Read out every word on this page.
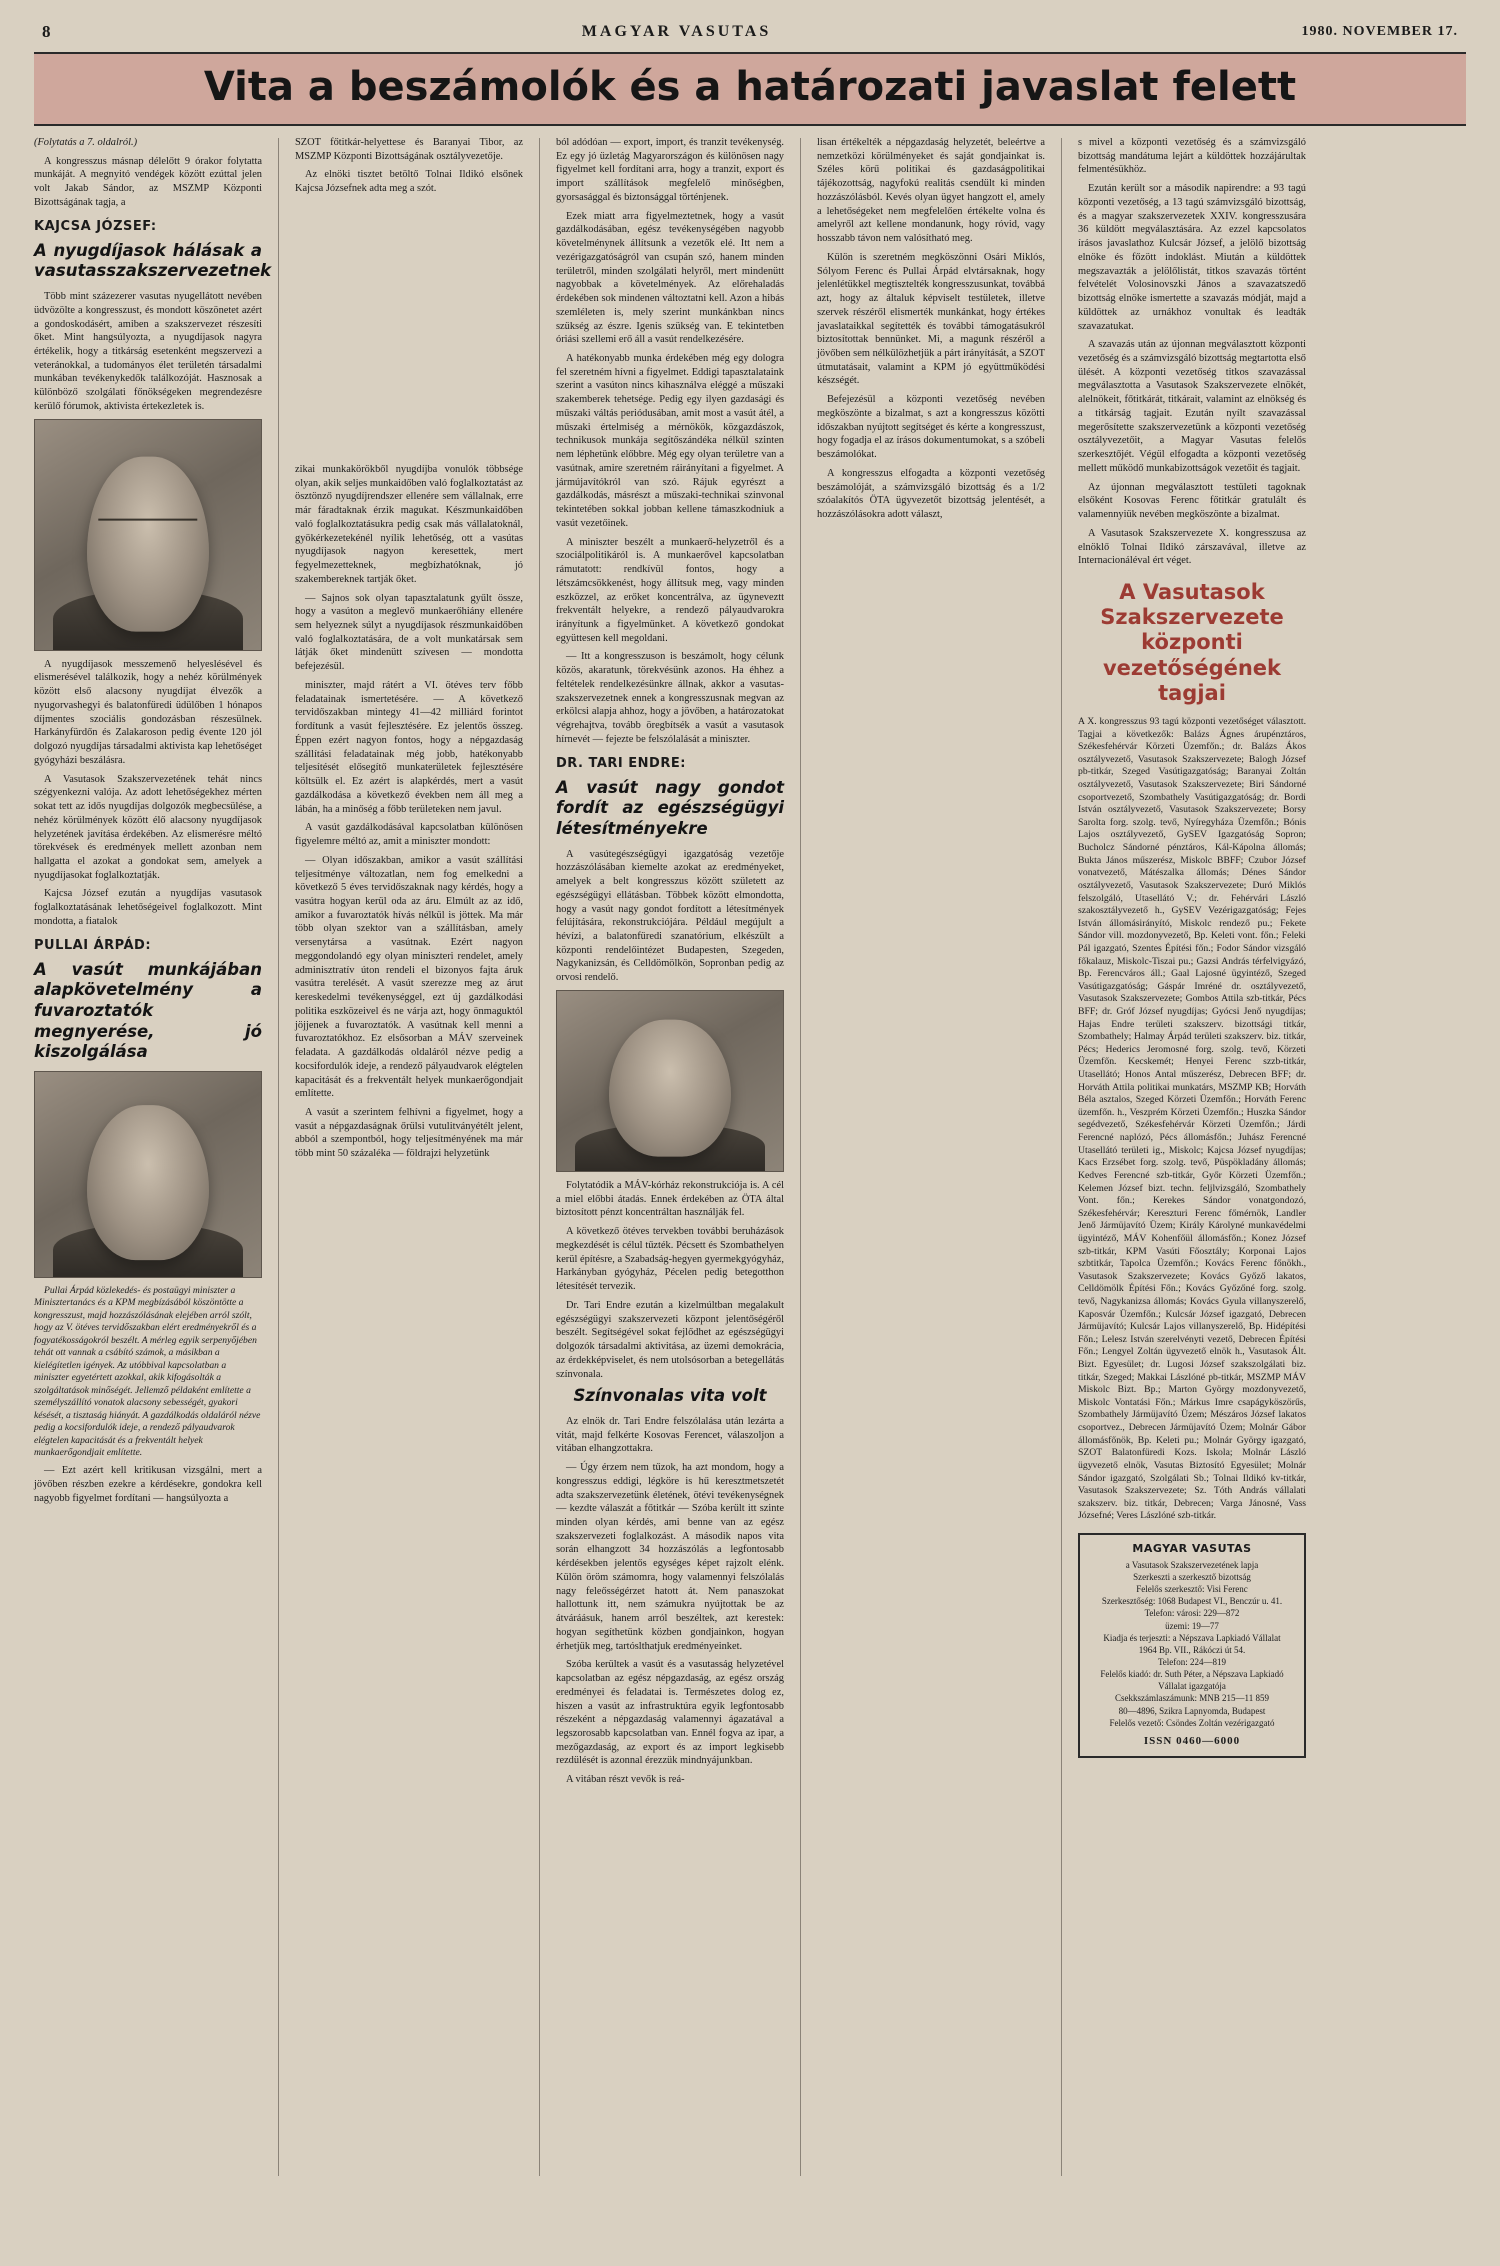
8	MAGYAR VASUTAS	1980. NOVEMBER 17.
Vita a beszámolók és a határozati javaslat felett

(Folytatás a 7. oldalról.)

A kongresszus másnap délelőtt 9 órakor folytatta munkáját. A megnyitó vendégek között ezúttal jelen volt Jakab Sándor, az MSZMP Központi Bizottságának tagja, a

KAJCSA JÓZSEF:
A nyugdíjasok hálásak a vasutasszakszervezetnek

Több mint százezerer vasutas nyugellátott nevében üdvözölte a kongresszust, és mondott köszönetet azért a gondoskodásért, amiben a szakszervezet részesíti őket. Mint hangsúlyozta, a nyugdíjasok nagyra értékelik, hogy a titkárság esetenként megszervezi a veteránokkal, a tudományos élet területén társadalmi munkában tevékenykedők találkozóját. Hasznosak a különböző szolgálati főnökségeken megrendezésre kerülő fórumok, aktivista értekezletek is.

A nyugdíjasok messzemenő helyeslésével és elismerésével találkozik, hogy a nehéz körülmények között első alacsony nyugdíjat élvezők a nyugorvashegyi és balatonfüredi üdülőben 1 hónapos díjmentes szociális gondozásban részesülnek. Harkányfürdőn és Zalakaroson pedig évente 120 jól dolgozó nyugdíjas társadalmi aktivista kap lehetőséget gyógyházi beszálásra.

A Vasutasok Szakszervezetének tehát nincs szégyenkezni valója. Az adott lehetőségekhez mérten sokat tett az idős nyugdíjas dolgozók megbecsülése, a nehéz körülmények között élő alacsony nyugdíjasok helyzetének javítása érdekében. Az elismerésre méltó törekvések és eredmények mellett azonban nem hallgatta el azokat a gondokat sem, amelyek a nyugdíjasokat foglalkoztatják.

Kajcsa József ezután a nyugdíjas vasutasok foglalkoztatásának lehetőségeivel foglalkozott. Mint mondotta, a fiatalok

PULLAI ÁRPÁD:
A vasút munkájában alapkövetelmény a fuvaroztatók megnyerése, jó kiszolgálása

Pullai Árpád közlekedés- és postaügyi miniszter a Minisztertanács és a KPM megbízásából köszöntötte a kongresszust, majd hozzászólásának elejében arról szólt, hogy az V. ötéves tervidőszakban elért eredményekről és a fogyatékosságokról beszélt. A mérleg egyik serpenyőjében tehát ott vannak a csábító számok, a másikban a kielégítetlen igények. Az utóbbival kapcsolatban a miniszter egyetértett azokkal, akik kifogásolták a szolgáltatások minőségét. Jellemző példaként említette a személyszállító vonatok alacsony sebességét, gyakori késését, a tisztaság hiányát. A gazdálkodás oldaláról nézve pedig a kocsifordulók ideje, a rendező pályaudvarok elégtelen kapacitását és a frekventált helyek munkaerőgondjait említette.

— Ezt azért kell kritikusan vizsgálni, mert a jövőben részben ezekre a kérdésekre, gondokra kell nagyobb figyelmet fordítani — hangsúlyozta a

SZOT főtitkár-helyettese és Baranyai Tibor, az MSZMP Központi Bizottságának osztályvezetője.

Az elnöki tisztet betöltő Tolnai Ildikó elsőnek Kajcsa Józsefnek adta meg a szót.

zikai munkakörökből nyugdíjba vonulók többsége olyan, akik seljes munkaidőben való foglalkoztatást az ösztönző nyugdíjrendszer ellenére sem vállalnak, erre már fáradtaknak érzik magukat. Készmunkaidőben való foglalkoztatásukra pedig csak más vállalatoknál, gyökérkezetekénél nyílik lehetőség, ott a vasútas nyugdíjasok nagyon keresettek, mert fegyelmezetteknek, megbízhatóknak, jó szakembereknek tartják őket.

— Sajnos sok olyan tapasztalatunk gyűlt össze, hogy a vasúton a meglevő munkaerőhiány ellenére sem helyeznek súlyt a nyugdíjasok részmunkaidőben való foglalkoztatására, de a volt munkatársak sem látják őket mindenütt szívesen — mondotta befejezésül.

miniszter, majd rátért a VI. ötéves terv főbb feladatainak ismertetésére. — A következő tervidőszakban mintegy 41—42 milliárd forintot fordítunk a vasút fejlesztésére. Ez jelentős összeg. Éppen ezért nagyon fontos, hogy a népgazdaság szállítási feladatainak még jobb, hatékonyabb teljesítését elősegítő munkaterületek fejlesztésére költsülk el. Ez azért is alapkérdés, mert a vasút gazdálkodása a következő években nem áll meg a lábán, ha a minőség a főbb területeken nem javul.

A vasút gazdálkodásával kapcsolatban különösen figyelemre méltó az, amit a miniszter mondott:

— Olyan időszakban, amikor a vasút szállítási teljesítménye változatlan, nem fog emelkedni a következő 5 éves tervidőszaknak nagy kérdés, hogy a vasútra hogyan kerül oda az áru. Elmúlt az az idő, amikor a fuvaroztatók hívás nélkül is jöttek. Ma már több olyan szektor van a szállításban, amely versenytársa a vasútnak. Ezért nagyon meggondolandó egy olyan miniszteri rendelet, amely adminisztratív úton rendeli el bizonyos fajta áruk vasútra terelését. A vasút szerezze meg az árut kereskedelmi tevékenységgel, ezt új gazdálkodási politika eszközeivel és ne várja azt, hogy önmaguktól jöjjenek a fuvaroztatók. A vasútnak kell menni a fuvaroztatókhoz. Ez elsősorban a MÁV szerveinek feladata. A gazdálkodás oldaláról nézve pedig a kocsifordulók ideje, a rendező pályaudvarok elégtelen kapacitását és a frekventált helyek munkaerőgondjait említette.

A vasút a szerintem felhívni a figyelmet, hogy a vasút a népgazdaságnak őrülsi vutulitványétélt jelent, abból a szempontból, hogy teljesítményének ma már több mint 50 százaléka — földrajzi helyzetünk

ból adódóan — export, import, és tranzit tevékenység. Ez egy jó üzletág Magyarországon és különösen nagy figyelmet kell fordítani arra, hogy a tranzit, export és import szállítások megfelelő minőségben, gyorsasággal és biztonsággal történjenek.

Ezek miatt arra figyelmeztetnek, hogy a vasút gazdálkodásában, egész tevékenységében nagyobb követelménynek állítsunk a vezetők elé. Itt nem a vezérigazgatóságról van csupán szó, hanem minden területről, minden szolgálati helyről, mert mindenütt nagyobbak a követelmények. Az előrehaladás érdekében sok mindenen változtatni kell. Azon a hibás szemléleten is, mely szerint munkánkban nincs szükség az észre. Igenis szükség van. E tekintetben óriási szellemi erő áll a vasút rendelkezésére.

A hatékonyabb munka érdekében még egy dologra fel szeretném hívni a figyelmet. Eddigi tapasztalataink szerint a vasúton nincs kihasználva eléggé a műszaki szakemberek tehetsége. Pedig egy ilyen gazdasági és műszaki váltás periódusában, amit most a vasút átél, a műszaki értelmiség a mérnökök, közgazdászok, technikusok munkája segítőszándéka nélkül szinten nem léphetünk előbbre. Még egy olyan területre van a vasútnak, amire szeretném ráirányítani a figyelmet. A jármújavítókról van szó. Rájuk egyrészt a gazdálkodás, másrészt a műszaki-technikai szinvonal tekintetében sokkal jobban kellene támaszkodniuk a vasút vezetőinek.

A miniszter beszélt a munkaerő-helyzetről és a szociálpolitikáról is. A munkaerővel kapcsolatban rámutatott: rendkívül fontos, hogy a létszámcsökkenést, hogy állítsuk meg, vagy minden eszközzel, az erőket koncentrálva, az ügyneveztt frekventált helyekre, a rendező pályaudvarokra irányítunk a figyelmünket. A következő gondokat együttesen kell megoldani.

— Itt a kongresszuson is beszámolt, hogy célunk közös, akaratunk, törekvésünk azonos. Ha éhhez a feltételek rendelkezésünkre állnak, akkor a vasutas-szakszervezetnek ennek a kongresszusnak megvan az erkölcsi alapja ahhoz, hogy a jövőben, a határozatokat végrehajtva, tovább öregbítsék a vasút a vasutasok hírnevét — fejezte be felszólalását a miniszter.

DR. TARI ENDRE:
A vasút nagy gondot fordít az egészségügyi létesítményekre

A vasútegészségügyi igazgatóság vezetője hozzászólásában kiemelte azokat az eredményeket, amelyek a belt kongresszus között született az egészségügyi ellátásban. Többek között elmondotta, hogy a vasút nagy gondot fordított a létesítmények felújítására, rekonstrukciójára. Például megújult a hévízi, a balatonfüredi szanatórium, elkészült a központi rendelőintézet Budapesten, Szegeden, Nagykanizsán, és Celldömölkön, Sopronban pedig az orvosi rendelő.

Folytatódik a MÁV-kórház rekonstrukciója is. A cél a miel előbbi átadás. Ennek érdekében az ÖTA által biztosított pénzt koncentráltan használják fel.

A következő ötéves tervekben további beruházások megkezdését is célul tűzték. Pécsett és Szombathelyen kerül építésre, a Szabadság-hegyen gyermekgyógyház, Harkányban gyógyház, Pécelen pedig betegotthon létesítését tervezik.

Dr. Tari Endre ezután a kizelmúltban megalakult egészségügyi szakszervezeti központ jelentőségéről beszélt. Segítségével sokat fejlődhet az egészségügyi dolgozók társadalmi aktivitása, az üzemi demokrácia, az érdekképviselet, és nem utolsósorban a betegellátás színvonala.

Színvonalas vita volt

Az elnök dr. Tari Endre felszólalása után lezárta a vitát, majd felkérte Kosovas Ferencet, válaszoljon a vitában elhangzottakra.

— Úgy érzem nem tűzok, ha azt mondom, hogy a kongresszus eddigi, légköre is hű keresztmetszetét adta szakszervezetünk életének, ötévi tevékenységnek — kezdte válaszát a főtitkár — Szóba került itt szinte minden olyan kérdés, ami benne van az egész szakszervezeti foglalkozást. A második napos vita során elhangzott 34 hozzászólás a legfontosabb kérdésekben jelentős egységes képet rajzolt elénk. Külön öröm számomra, hogy valamennyi felszólalás nagy feleősségérzet hatott át. Nem panaszokat hallottunk itt, nem számukra nyújtottak be az átváráásuk, hanem arról beszéltek, azt kerestek: hogyan segíthetünk közben gondjainkon, hogyan érhetjük meg, tartóslthatjuk eredményeinket.

Szóba kerültek a vasút és a vasutasság helyzetével kapcsolatban az egész népgazdaság, az egész ország eredményei és feladatai is. Természetes dolog ez, hiszen a vasút az infrastruktúra egyik legfontosabb részeként a népgazdaság valamennyi ágazatával a legszorosabb kapcsolatban van. Ennél fogva az ipar, a mezőgazdaság, az export és az import legkisebb rezdülését is azonnal érezzük mindnyájunkban.

A vitában részt vevők is reá-

lisan értékelték a népgazdaság helyzetét, beleértve a nemzetközi körülményeket és saját gondjainkat is. Széles körű politikai és gazdaságpolitikai tájékozottság, nagyfokú realitás csendült ki minden hozzászólásból. Kevés olyan ügyet hangzott el, amely a lehetőségeket nem megfelelően értékelte volna és amelyről azt kellene mondanunk, hogy róvid, vagy hosszabb távon nem valósítható meg.

Külön is szeretném megköszönni Osári Miklós, Sólyom Ferenc és Pullai Árpád elvtársaknak, hogy jelenlétükkel megtisztelték kongresszusunkat, továbbá azt, hogy az általuk képviselt testületek, illetve szervek részéről elismerték munkánkat, hogy értékes javaslataikkal segítették és további támogatásukról biztosítottak bennünket. Mi, a magunk részéről a jövőben sem nélkülözhetjük a párt irányítását, a SZOT útmutatásait, valamint a KPM jó együttműködési készségét.

Befejezésül a központi vezetőség nevében megköszönte a bizalmat, s azt a kongresszus közötti időszakban nyújtott segítséget és kérte a kongresszust, hogy fogadja el az írásos dokumentumokat, s a szóbeli beszámolókat.

A kongresszus elfogadta a központi vezetőség beszámolóját, a számvizsgáló bizottság és a 1/2 szóalakítós ÖTA ügyvezetőt bizottság jelentését, a hozzászólásokra adott választ,

s mivel a központi vezetőség és a számvizsgáló bizottság mandátuma lejárt a küldöttek hozzájárultak felmentésükhöz.

Ezután került sor a második napirendre: a 93 tagú központi vezetőség, a 13 tagú számvizsgáló bizottság, és a magyar szakszervezetek XXIV. kongresszusára 36 küldött megválasztására. Az ezzel kapcsolatos írásos javaslathoz Kulcsár József, a jelölő bizottság elnöke és főzött indoklást. Miután a küldöttek megszavazták a jelölőlistát, titkos szavazás történt felvételét Volosinovszki János a szavazatszedő bizottság elnöke ismertette a szavazás módját, majd a küldöttek az urnákhoz vonultak és leadták szavazatukat.

A szavazás után az újonnan megválasztott központi vezetőség és a számvizsgáló bizottság megtartotta első ülését. A központi vezetőség titkos szavazással megválasztotta a Vasutasok Szakszervezete elnökét, alelnökeit, főtitkárát, titkárait, valamint az elnökség és a titkárság tagjait. Ezután nyílt szavazással megerősítette szakszervezetünk a központi vezetőség osztályvezetőit, a Magyar Vasutas felelős szerkesztőjét. Végül elfogadta a központi vezetőség mellett működő munkabizottságok vezetőit és tagjait.

Az újonnan megválasztott testületi tagoknak elsőként Kosovas Ferenc főtitkár gratulált és valamennyiük nevében megköszönte a bizalmat.

A Vasutasok Szakszervezete X. kongresszusa az elnöklő Tolnai Ildikó zárszavával, illetve az Internacionáléval ért véget.

A Vasutasok Szakszervezete központi vezetőségének tagjai
A X. kongresszus 93 tagú központi vezetőséget választott. Tagjai a következők: Balázs Ágnes árupénztáros, Székesfehérvár Körzeti Üzemfőn.; dr. Balázs Ákos osztályvezető, Vasutasok Szakszervezete; Balogh József pb-titkár, Szeged Vasútigazgatóság; Baranyai Zoltán osztályvezető, Vasutasok Szakszervezete; Biri Sándorné csoportvezető, Szombathely Vasútigazgatóság; dr. Bordi István osztályvezető, Vasutasok Szakszervezete; Borsy Sarolta forg. szolg. tevő, Nyíregyháza Üzemfőn.; Bónis Lajos osztályvezető, GySEV Igazgatóság Sopron; Bucholcz Sándorné pénztáros, Kál-Kápolna állomás; Bukta János műszerész, Miskolc BBFF; Czubor József vonatvezető, Mátészalka állomás; Dénes Sándor osztályvezető, Vasutasok Szakszervezete; Duró Miklós felszolgáló, Utasellátó V.; dr. Fehérvári László szakosztályvezető h., GySEV Vezérigazgatóság; Fejes István állomásirányító, Miskolc rendező pu.; Fekete Sándor vill. mozdonyvezető, Bp. Keleti vont. főn.; Feleki Pál igazgató, Szentes Építési főn.; Fodor Sándor vizsgáló főkalauz, Miskolc-Tiszai pu.; Gazsi András térfelvigyázó, Bp. Ferencváros áll.; Gaal Lajosné ügyintéző, Szeged Vasútigazgatóság; Gáspár Imréné dr. osztályvezető, Vasutasok Szakszervezete; Gombos Attila szb-titkár, Pécs BFF; dr. Gróf József nyugdíjas; Gyócsi Jenő nyugdíjas; Hajas Endre területi szakszerv. bizottsági titkár, Szombathely; Halmay Árpád területi szakszerv. biz. titkár, Pécs; Hederics Jeromosné forg. szolg. tevő, Körzeti Üzemfőn. Kecskemét; Henyei Ferenc szzb-titkár, Utasellátó; Honos Antal műszerész, Debrecen BFF; dr. Horváth Attila politikai munkatárs, MSZMP KB; Horváth Béla asztalos, Szeged Körzeti Üzemfőn.; Horváth Ferenc üzemfőn. h., Veszprém Körzeti Üzemfőn.; Huszka Sándor segédvezető, Székesfehérvár Körzeti Üzemfőn.; Járdi Ferencné naplózó, Pécs állomásfőn.; Juhász Ferencné Utasellátó területi ig., Miskolc; Kajcsa József nyugdíjas; Kacs Erzsébet forg. szolg. tevő, Püspökladány állomás; Kedves Ferencné szb-titkár, Győr Körzeti Üzemfőn.; Kelemen József bizt. techn. feljlvizsgáló, Szombathely Vont. főn.; Kerekes Sándor vonatgondozó, Székesfehérvár; Kereszturi Ferenc főmérnök, Landler Jenő Jármüjavító Üzem; Király Károlyné munkavédelmi ügyintéző, MÁV Kohenfőül állomásfőn.; Konez József szb-titkár, KPM Vasúti Főosztály; Korponai Lajos szbtitkár, Tapolca Üzemfőn.; Kovács Ferenc főnökh., Vasutasok Szakszervezete; Kovács Győző lakatos, Celldömölk Építési Főn.; Kovács Győzőné forg. szolg. tevő, Nagykanizsa állomás; Kovács Gyula villanyszerelő, Kaposvár Üzemfőn.; Kulcsár József igazgató, Debrecen Jármüjavító; Kulcsár Lajos villanyszerelő, Bp. Hidépítési Főn.; Lelesz István szerelvényti vezető, Debrecen Építési Főn.; Lengyel Zoltán ügyvezető elnök h., Vasutasok Ált. Bizt. Egyesület; dr. Lugosi József szakszolgálati biz. titkár, Szeged; Makkai Lászlóné pb-titkár, MSZMP MÁV Miskolc Bizt. Bp.; Marton György mozdonyvezető, Miskolc Vontatási Főn.; Márkus Imre csapágyköszörűs, Szombathely Jármüjavító Üzem; Mészáros József lakatos csoportvez., Debrecen Jármüjavító Üzem; Molnár Gábor állomásfőnök, Bp. Keleti pu.; Molnár György igazgató, SZOT Balatonfüredi Kozs. Iskola; Molnár László ügyvezető elnök, Vasutas Biztosító Egyesület; Molnár Sándor igazgató, Szolgálati Sb.; Tolnai Ildikó kv-titkár, Vasutasok Szakszervezete; Sz. Tóth András vállalati szakszerv. biz. titkár, Debrecen; Varga Jánosné, Vass Józsefné; Veres Lászlóné szb-titkár.
MAGYAR VASUTAS
a Vasutasok Szakszervezetének lapja
Szerkeszti a szerkesztő bizottság
Felelős szerkesztő: Visi Ferenc
Szerkesztőség: 1068 Budapest VI., Benczúr u. 41.
Telefon: városi: 229—872
üzemi: 19—77
Kiadja és terjeszti: a Népszava Lapkiadó Vállalat
1964 Bp. VII., Rákóczi út 54.
Telefon: 224—819
Felelős kiadó: dr. Suth Péter, a Népszava Lapkiadó Vállalat igazgatója
Csekkszámlaszámunk: MNB 215—11 859
80—4896, Szikra Lapnyomda, Budapest
Felelős vezető: Csöndes Zoltán vezérigazgató
ISSN 0460—6000
